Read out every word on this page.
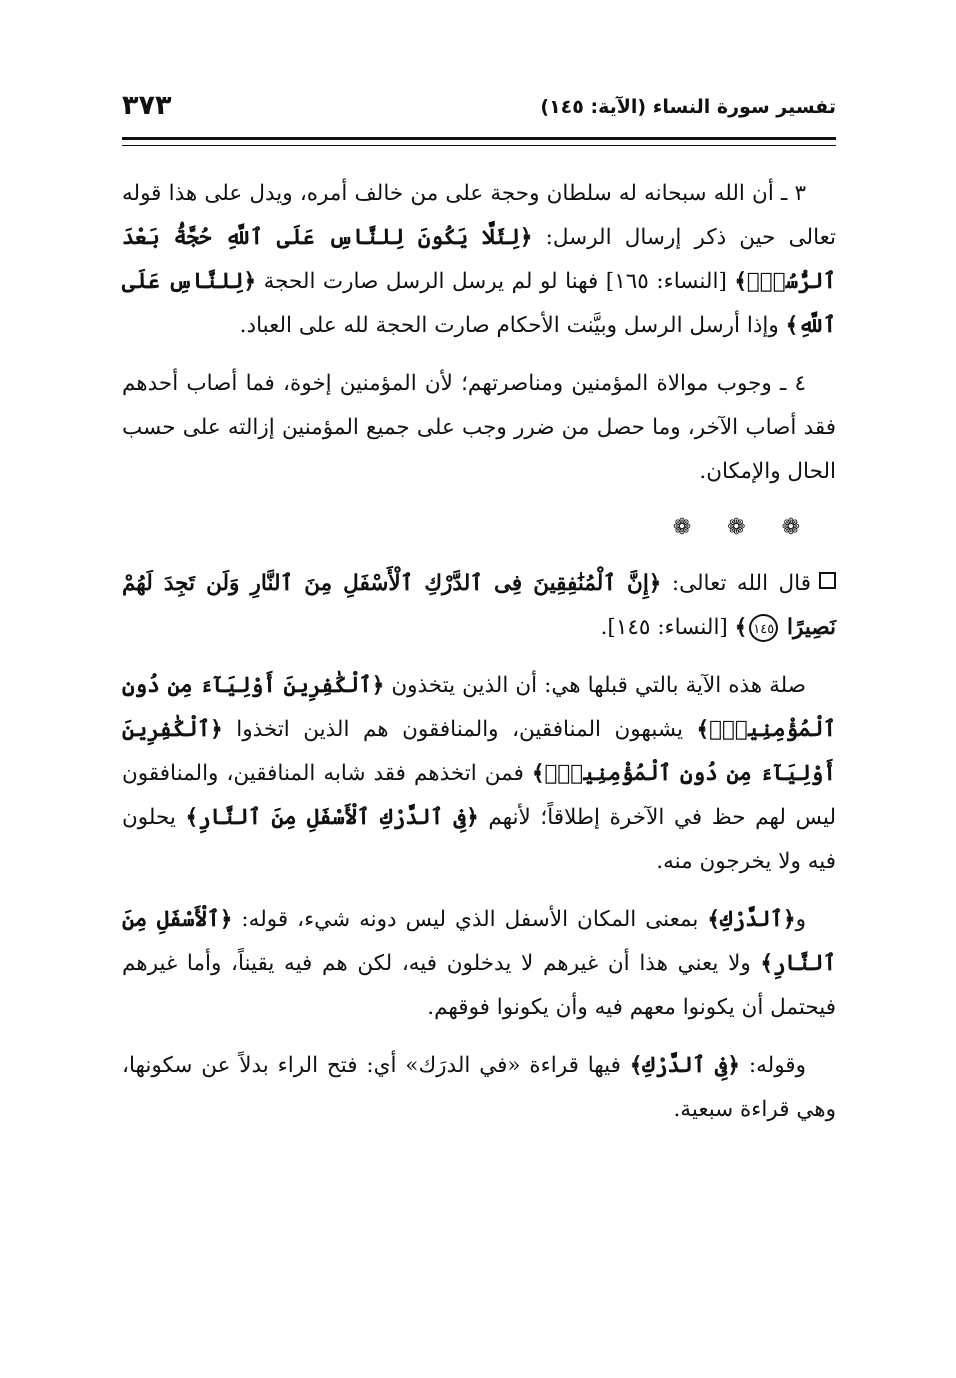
تفسير سورة النساء (الآية: ١٤٥)
٣٧٣

٣ ـ أن الله سبحانه له سلطان وحجة على من خالف أمره، ويدل على هذا قوله تعالى حين ذكر إرسال الرسل: ﴿لِئَلَّا يَكُونَ لِلنَّاسِ عَلَى ٱللَّهِ حُجَّةُۢ بَعْدَ ٱلرُّسُلِۚ﴾ [النساء: ١٦٥] فهنا لو لم يرسل الرسل صارت الحجة ﴿لِلنَّاسِ عَلَى ٱللَّهِ﴾ وإذا أرسل الرسل وبيَّنت الأحكام صارت الحجة لله على العباد.

٤ ـ وجوب موالاة المؤمنين ومناصرتهم؛ لأن المؤمنين إخوة، فما أصاب أحدهم فقد أصاب الآخر، وما حصل من ضرر وجب على جميع المؤمنين إزالته على حسب الحال والإمكان.

❁❁❁

قال الله تعالى: ﴿إِنَّ ٱلْمُنَٰفِقِينَ فِى ٱلدَّرْكِ ٱلْأَسْفَلِ مِنَ ٱلنَّارِ وَلَن تَجِدَ لَهُمْ نَصِيرًا ١٤٥﴾ [النساء: ١٤٥].

صلة هذه الآية بالتي قبلها هي: أن الذين يتخذون ﴿ٱلْكَٰفِرِينَ أَوْلِيَآءَ مِن دُونِ ٱلْمُؤْمِنِينَۚ﴾ يشبهون المنافقين، والمنافقون هم الذين اتخذوا ﴿ٱلْكَٰفِرِينَ أَوْلِيَآءَ مِن دُونِ ٱلْمُؤْمِنِينَۚ﴾ فمن اتخذهم فقد شابه المنافقين، والمنافقون ليس لهم حظ في الآخرة إطلاقاً؛ لأنهم ﴿فِى ٱلدَّرْكِ ٱلْأَسْفَلِ مِنَ ٱلنَّارِ﴾ يحلون فيه ولا يخرجون منه.

و﴿ٱلدَّرْكِ﴾ بمعنى المكان الأسفل الذي ليس دونه شيء، قوله: ﴿ٱلْأَسْفَلِ مِنَ ٱلنَّارِ﴾ ولا يعني هذا أن غيرهم لا يدخلون فيه، لكن هم فيه يقيناً، وأما غيرهم فيحتمل أن يكونوا معهم فيه وأن يكونوا فوقهم.

وقوله: ﴿فِى ٱلدَّرْكِ﴾ فيها قراءة «في الدرَك» أي: فتح الراء بدلاً عن سكونها، وهي قراءة سبعية.
